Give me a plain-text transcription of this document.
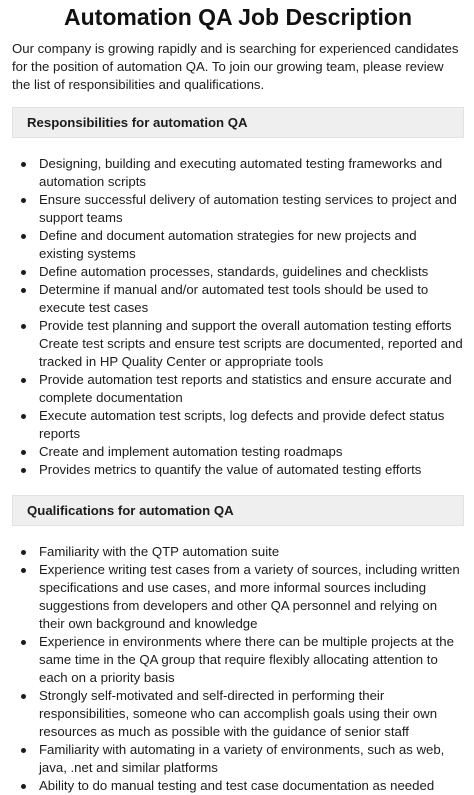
Automation QA Job Description

Our company is growing rapidly and is searching for experienced candidates for the position of automation QA. To join our growing team, please review the list of responsibilities and qualifications.

Responsibilities for automation QA
Designing, building and executing automated testing frameworks and automation scripts
Ensure successful delivery of automation testing services to project and support teams
Define and document automation strategies for new projects and existing systems
Define automation processes, standards, guidelines and checklists
Determine if manual and/or automated test tools should be used to execute test cases
Provide test planning and support the overall automation testing efforts Create test scripts and ensure test scripts are documented, reported and tracked in HP Quality Center or appropriate tools
Provide automation test reports and statistics and ensure accurate and complete documentation
Execute automation test scripts, log defects and provide defect status reports
Create and implement automation testing roadmaps
Provides metrics to quantify the value of automated testing efforts
Qualifications for automation QA
Familiarity with the QTP automation suite
Experience writing test cases from a variety of sources, including written specifications and use cases, and more informal sources including suggestions from developers and other QA personnel and relying on their own background and knowledge
Experience in environments where there can be multiple projects at the same time in the QA group that require flexibly allocating attention to each on a priority basis
Strongly self-motivated and self-directed in performing their responsibilities, someone who can accomplish goals using their own resources as much as possible with the guidance of senior staff
Familiarity with automating in a variety of environments, such as web, java, .net and similar platforms
Ability to do manual testing and test case documentation as needed
